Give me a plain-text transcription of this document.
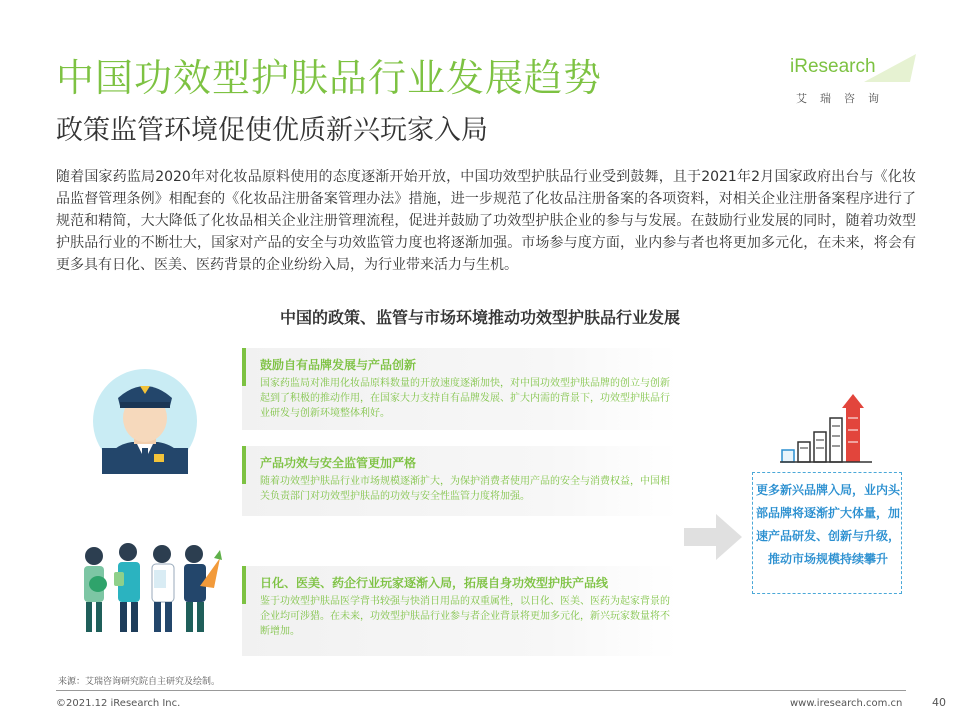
中国功效型护肤品行业发展趋势
政策监管环境促使优质新兴玩家入局
iResearch
艾瑞咨询
随着国家药监局2020年对化妆品原料使用的态度逐渐开始开放，中国功效型护肤品行业受到鼓舞，且于2021年2月国家政府出台与《化妆品监督管理条例》相配套的《化妆品注册备案管理办法》措施，进一步规范了化妆品注册备案的各项资料，对相关企业注册备案程序进行了规范和精简，大大降低了化妆品相关企业注册管理流程，促进并鼓励了功效型护肤企业的参与与发展。在鼓励行业发展的同时，随着功效型护肤品行业的不断壮大，国家对产品的安全与功效监管力度也将逐渐加强。市场参与度方面，业内参与者也将更加多元化，在未来，将会有更多具有日化、医美、医药背景的企业纷纷入局，为行业带来活力与生机。
中国的政策、监管与市场环境推动功效型护肤品行业发展
鼓励自有品牌发展与产品创新
国家药监局对准用化妆品原料数量的开放速度逐渐加快，对中国功效型护肤品牌的创立与创新起到了积极的推动作用，在国家大力支持自有品牌发展、扩大内需的背景下，功效型护肤品行业研发与创新环境整体利好。
产品功效与安全监管更加严格
随着功效型护肤品行业市场规模逐渐扩大，为保护消费者使用产品的安全与消费权益，中国相关负责部门对功效型护肤品的功效与安全性监管力度将加强。
日化、医美、药企行业玩家逐渐入局，拓展自身功效型护肤产品线
鉴于功效型护肤品医学背书较强与快消日用品的双重属性，以日化、医美、医药为起家背景的企业均可涉猎。在未来，功效型护肤品行业参与者企业背景将更加多元化，新兴玩家数量将不断增加。
更多新兴品牌入局，业内头部品牌将逐渐扩大体量，加速产品研发、创新与升级，推动市场规模持续攀升
来源：艾瑞咨询研究院自主研究及绘制。
©2021.12 iResearch Inc.	www.iresearch.com.cn	40
